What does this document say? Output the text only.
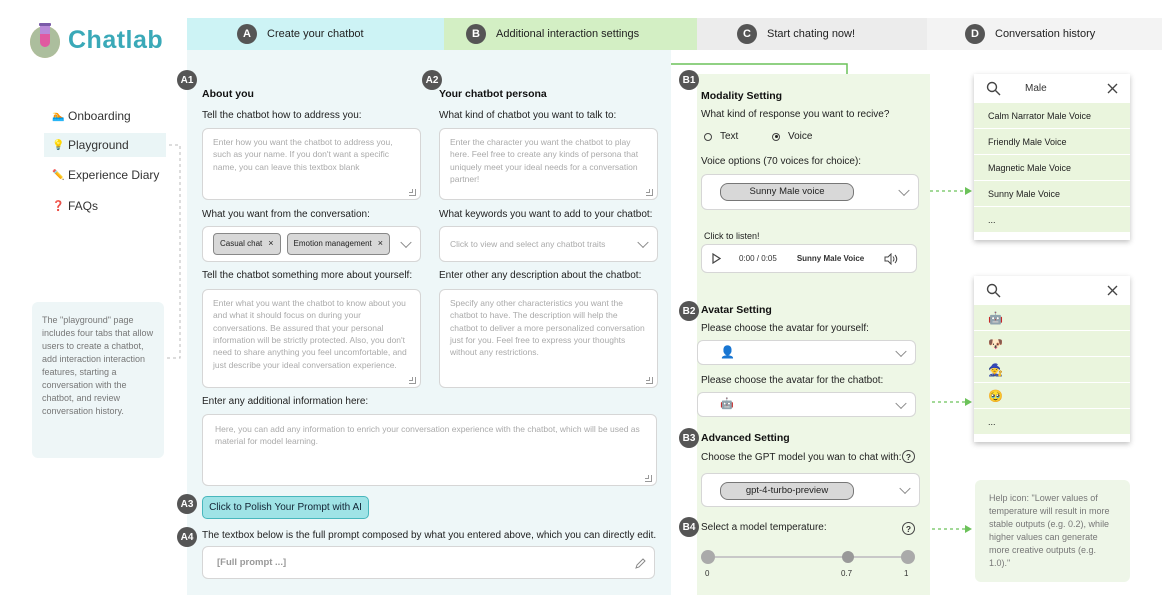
Chatlab	A	Create your chatbot	B	Additional interaction settings	C	Start chating now!	D	Conversation history
🏊 Onboarding
💡 Playground
✏️ Experience Diary
❓ FAQs
The "playground" page includes four tabs that allow users to create a chatbot, add interaction interaction features, starting a conversation with the chatbot, and review conversation history.
A1	A2
About you
Tell the chatbot how to address you:
Enter how you want the chatbot to address you, such as your name. If you don't want a specific name, you can leave this textbox blank
What you want from the conversation:
Casual chat ×	Emotion management ×
Tell the chatbot something more about yourself:
Enter what you want the chatbot to know about you and what it should focus on during your conversations. Be assured that your personal information will be strictly protected. Also, you don't need to share anything you feel uncomfortable, and just describe your ideal conversation experience.
Your chatbot persona
What kind of chatbot you want to talk to:
Enter the character you want the chatbot to play here. Feel free to create any kinds of persona that uniquely meet your ideal needs for a conversation partner!
What keywords you want to add to your chatbot:
Click to view and select any chatbot traits
Enter other any description about the chatbot:
Specify any other characteristics you want the chatbot to have. The description will help the chatbot to deliver a more personalized conversation just for you. Feel free to express your thoughts without any restrictions.
Enter any additional information here:
Here, you can add any information to enrich your conversation experience with the chatbot, which will be used as material for model learning.
A3	Click to Polish Your Prompt with AI
A4 The textbox below is the full prompt composed by what you entered above, which you can directly edit.
[Full prompt ...]
B1
Modality Setting
What kind of response you want to recive?
Text	Voice
Voice options (70 voices for choice):
Sunny Male voice
Click to listen!
0:00 / 0:05	Sunny Male Voice
B2 Avatar Setting
Please choose the avatar for yourself:
👤
Please choose the avatar for the chatbot:
🤖
B3 Advanced Setting
Choose the GPT model you wan to chat with: ?
gpt-4-turbo-preview
B4 Select a model temperature:	?
0	0.7	1
Male
Calm Narrator Male Voice
Friendly Male Voice
Magnetic Male Voice
Sunny Male Voice
...
🤖
🐶
🧙
🥹
...
Help icon: "Lower values of temperature will result in more stable outputs (e.g. 0.2), while higher values can generate more creative outputs (e.g. 1.0)."
